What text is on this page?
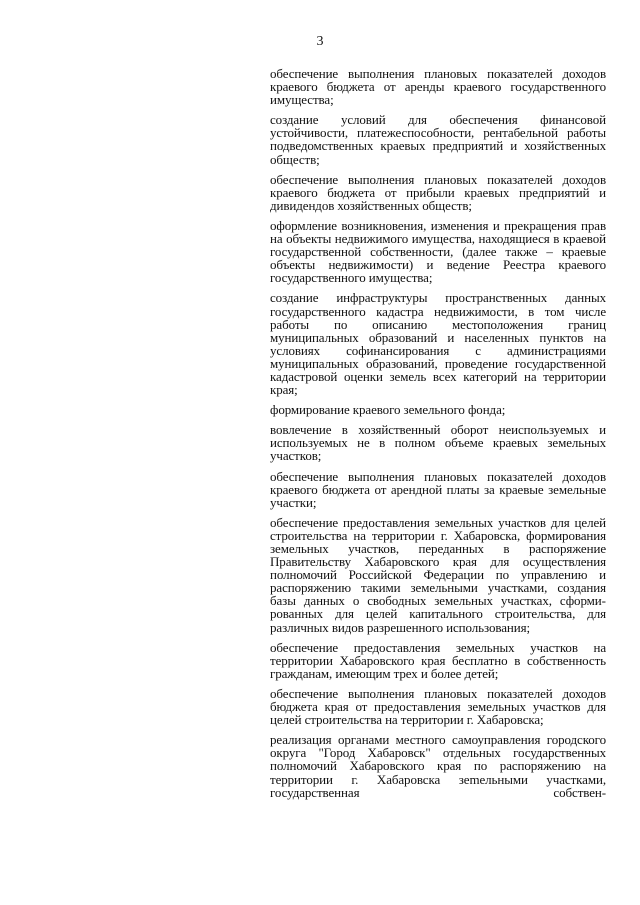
3

обеспечение выполнения плановых показателей доходов краевого бюджета от аренды краевого государственного имущества;

создание условий для обеспечения финансовой устойчивости, платежеспособности, рентабельной работы подведомственных краевых предприятий и хозяйственных обществ;

обеспечение выполнения плановых показателей доходов краевого бюджета от прибыли краевых предприятий и дивидендов хозяйственных обществ;

оформление возникновения, изменения и прекращения прав на объекты недвижимого имущества, находящиеся в краевой государственной собственности, (далее также – краевые объекты недвижимости) и ведение Реестра краевого государственного имущества;

создание инфраструктуры пространственных данных государственного кадастра недвижимости, в том числе работы по описанию местоположения границ муниципальных образований и населенных пунктов на условиях софинансирования с администрациями муниципальных образований, проведение государственной кадастровой оценки земель всех категорий на территории края;

формирование краевого земельного фонда;

вовлечение в хозяйственный оборот неиспользуемых и используемых не в полном объеме краевых земельных участков;

обеспечение выполнения плановых показателей доходов краевого бюджета от арендной платы за краевые земельные участки;

обеспечение предоставления земельных участков для целей строительства на территории г. Хабаровска, формирования земельных участков, переданных в распоряжение Правительству Хабаровского края для осуществления полномочий Российской Федерации по управлению и распоряжению такими земельными участками, создания базы данных о свободных земельных участках, сформированных для целей капитального строительства, для различных видов разрешенного использования;

обеспечение предоставления земельных участков на территории Хабаровского края бесплатно в собственность гражданам, имеющим трех и более детей;

обеспечение выполнения плановых показателей доходов бюджета края от предоставления земельных участков для целей строительства на территории г. Хабаровска;

реализация органами местного самоуправления городского округа "Город Хабаровск" отдельных государственных полномочий Хабаровского края по распоряжению на территории г. Хабаровска зеmельными участками, государственная собствен-
